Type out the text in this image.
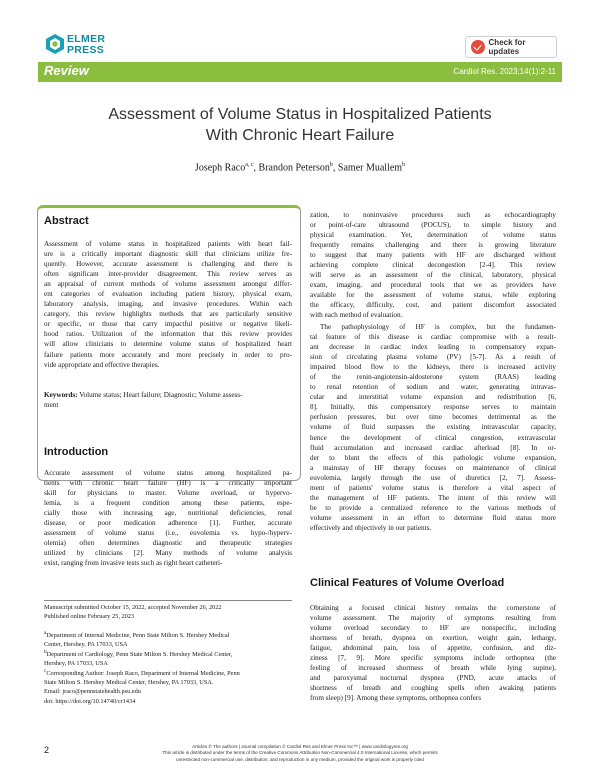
ELMER
PRESS
Check for updates
Review	Cardiol Res. 2023;14(1):2-11
Assessment of Volume Status in Hospitalized Patients
With Chronic Heart Failure
Joseph Raco$^{a, c}$, Brandon Peterson$^b$, Samer Muallem$^b$
Abstract
Assessment of volume status in hospitalized patients with heart fail-
ure is a critically important diagnostic skill that clinicians utilize fre-
quently. However, accurate assessment is challenging and there is
often significant inter-provider disagreement. This review serves as
an appraisal of current methods of volume assessment amongst differ-
ent categories of evaluation including patient history, physical exam,
laboratory analysis, imaging, and invasive procedures. Within each
category, this review highlights methods that are particularly sensitive
or specific, or those that carry impactful positive or negative likeli-
hood ratios. Utilization of the information that this review provides
will allow clinicians to determine volume status of hospitalized heart
failure patients more accurately and more precisely in order to pro-
vide appropriate and effective therapies.

Keywords: Volume status; Heart failure; Diagnostic; Volume assess-
ment

Introduction
Accurate assessment of volume status among hospitalized pa-
tients with chronic heart failure (HF) is a critically important
skill for physicians to master. Volume overload, or hypervo-
lemia, is a frequent condition among these patients, espe-
cially those with increasing age, nutritional deficiencies, renal
disease, or poor medication adherence [1]. Further, accurate
assessment of volume status (i.e., euvolemia vs. hypo-/hyperv-
olemia) often determines diagnostic and therapeutic strategies
utilized by clinicians [2]. Many methods of volume analysis
exist, ranging from invasive tests such as right heart catheteri-
Manuscript submitted October 15, 2022, accepted November 26, 2022
Published online February 25, 2023
$^a$Department of Internal Medicine, Penn State Milton S. Hershey Medical
Center, Hershey, PA 17033, USA
$^b$Department of Cardiology, Penn State Milton S. Hershey Medical Center,
Hershey, PA 17033, USA
$^c$Corresponding Author: Joseph Raco, Department of Internal Medicine, Penn
State Milton S. Hershey Medical Center, Hershey, PA 17033, USA.
Email: jraco@pennstatehealth.psu.edu
doi: https://doi.org/10.14740/cr1434
zation, to noninvasive procedures such as echocardiography
or point-of-care ultrasound (POCUS), to simple history and
physical examination. Yet, determination of volume status
frequently remains challenging and there is growing literature
to suggest that many patients with HF are discharged without
achieving complete clinical decongestion [2-4]. This review
will serve as an assessment of the clinical, laboratory, physical
exam, imaging, and procedural tools that we as providers have
available for the assessment of volume status, while exploring
the efficacy, difficulty, cost, and patient discomfort associated
with each method of evaluation.
The pathophysiology of HF is complex, but the fundamen-
tal feature of this disease is cardiac compromise with a result-
ant decrease in cardiac index leading to compensatory expan-
sion of circulating plasma volume (PV) [5-7]. As a result of
impaired blood flow to the kidneys, there is increased activity
of the renin-angiotensin-aldosterone system (RAAS) leading
to renal retention of sodium and water, generating intravas-
cular and interstitial volume expansion and redistribution [6,
8]. Initially, this compensatory response serves to maintain
perfusion pressures, but over time becomes detrimental as the
volume of fluid surpasses the existing intravascular capacity,
hence the development of clinical congestion, extravascular
fluid accumulation and increased cardiac afterload [8]. In or-
der to blunt the effects of this pathologic volume expansion,
a mainstay of HF therapy focuses on maintenance of clinical
euvolemia, largely through the use of diuretics [2, 7]. Assess-
ment of patients' volume status is therefore a vital aspect of
the management of HF patients. The intent of this review will
be to provide a centralized reference to the various methods of
volume assessment in an effort to determine fluid status more
effectively and objectively in our patients.
Clinical Features of Volume Overload
Obtaining a focused clinical history remains the cornerstone of
volume assessment. The majority of symptoms resulting from
volume overload secondary to HF are nonspecific, including
shortness of breath, dyspnea on exertion, weight gain, lethargy,
fatigue, abdominal pain, loss of appetite, confusion, and diz-
ziness [7, 9]. More specific symptoms include orthopnea (the
feeling of increased shortness of breath while lying supine),
and paroxysmal nocturnal dyspnea (PND, acute attacks of
shortness of breath and coughing spells often awaking patients
from sleep) [9]. Among these symptoms, orthopnea confers
2	Articles © The authors | Journal compilation © Cardiol Res and Elmer Press Inc™ | www.cardiologyres.org
This article is distributed under the terms of the Creative Commons Attribution Non-Commercial 4.0 International License, which permits
unrestricted non-commercial use, distribution, and reproduction in any medium, provided the original work is properly cited
